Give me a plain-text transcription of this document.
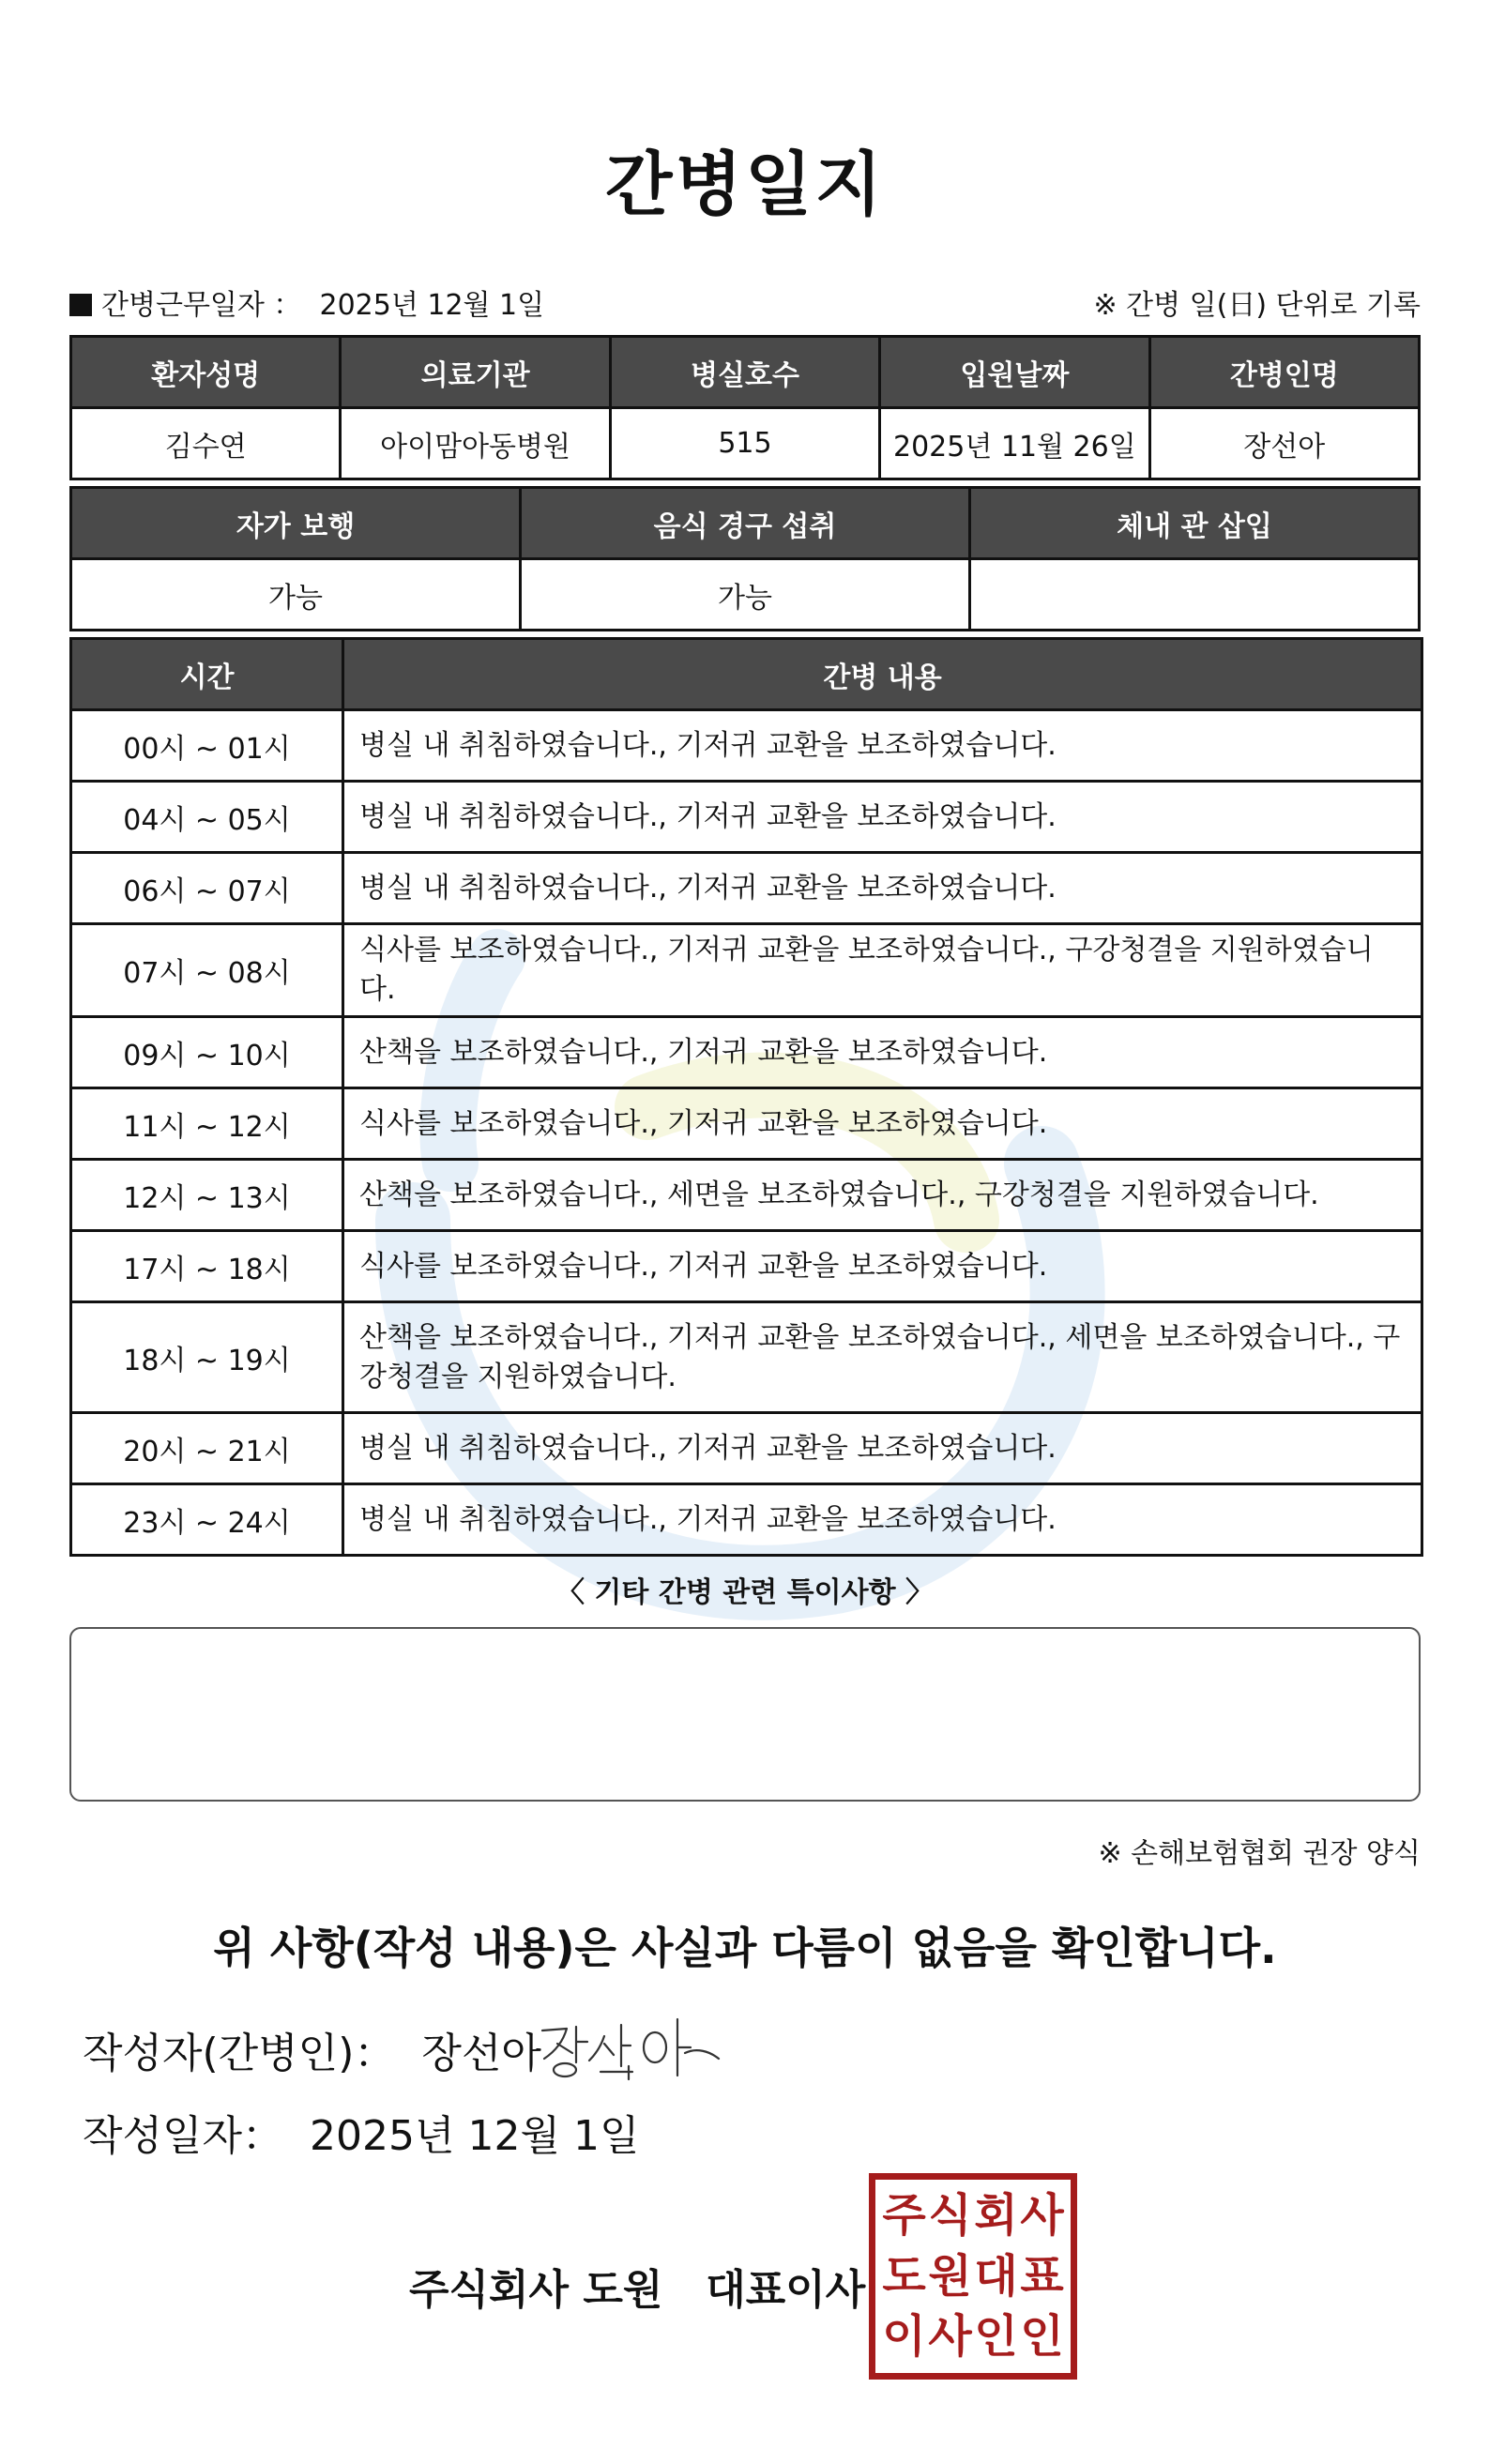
간병일지
간병근무일자 ： 2025년 12월 1일	※ 간병 일(日) 단위로 기록
환자성명	의료기관	병실호수	입원날짜	간병인명
김수연	아이맘아동병원	515	2025년 11월 26일	장선아
자가 보행	음식 경구 섭취	체내 관 삽입
가능	가능	
시간	간병 내용
00시 ~ 01시	병실 내 취침하였습니다., 기저귀 교환을 보조하였습니다.
04시 ~ 05시	병실 내 취침하였습니다., 기저귀 교환을 보조하였습니다.
06시 ~ 07시	병실 내 취침하였습니다., 기저귀 교환을 보조하였습니다.
07시 ~ 08시	식사를 보조하였습니다., 기저귀 교환을 보조하였습니다., 구강청결을 지원하였습니다.
09시 ~ 10시	산책을 보조하였습니다., 기저귀 교환을 보조하였습니다.
11시 ~ 12시	식사를 보조하였습니다., 기저귀 교환을 보조하였습니다.
12시 ~ 13시	산책을 보조하였습니다., 세면을 보조하였습니다., 구강청결을 지원하였습니다.
17시 ~ 18시	식사를 보조하였습니다., 기저귀 교환을 보조하였습니다.
18시 ~ 19시	산책을 보조하였습니다., 기저귀 교환을 보조하였습니다., 세면을 보조하였습니다., 구강청결을 지원하였습니다.
20시 ~ 21시	병실 내 취침하였습니다., 기저귀 교환을 보조하였습니다.
23시 ~ 24시	병실 내 취침하였습니다., 기저귀 교환을 보조하였습니다.
〈 기타 간병 관련 특이사항 〉
※ 손해보험협회 권장 양식
위 사항(작성 내용)은 사실과 다름이 없음을 확인합니다.
작성자(간병인)： 장선아
작성일자： 2025년 12월 1일
주식회사 도원   대표이사
주 식 회 사
도 원 대 표
이 사 인 인
